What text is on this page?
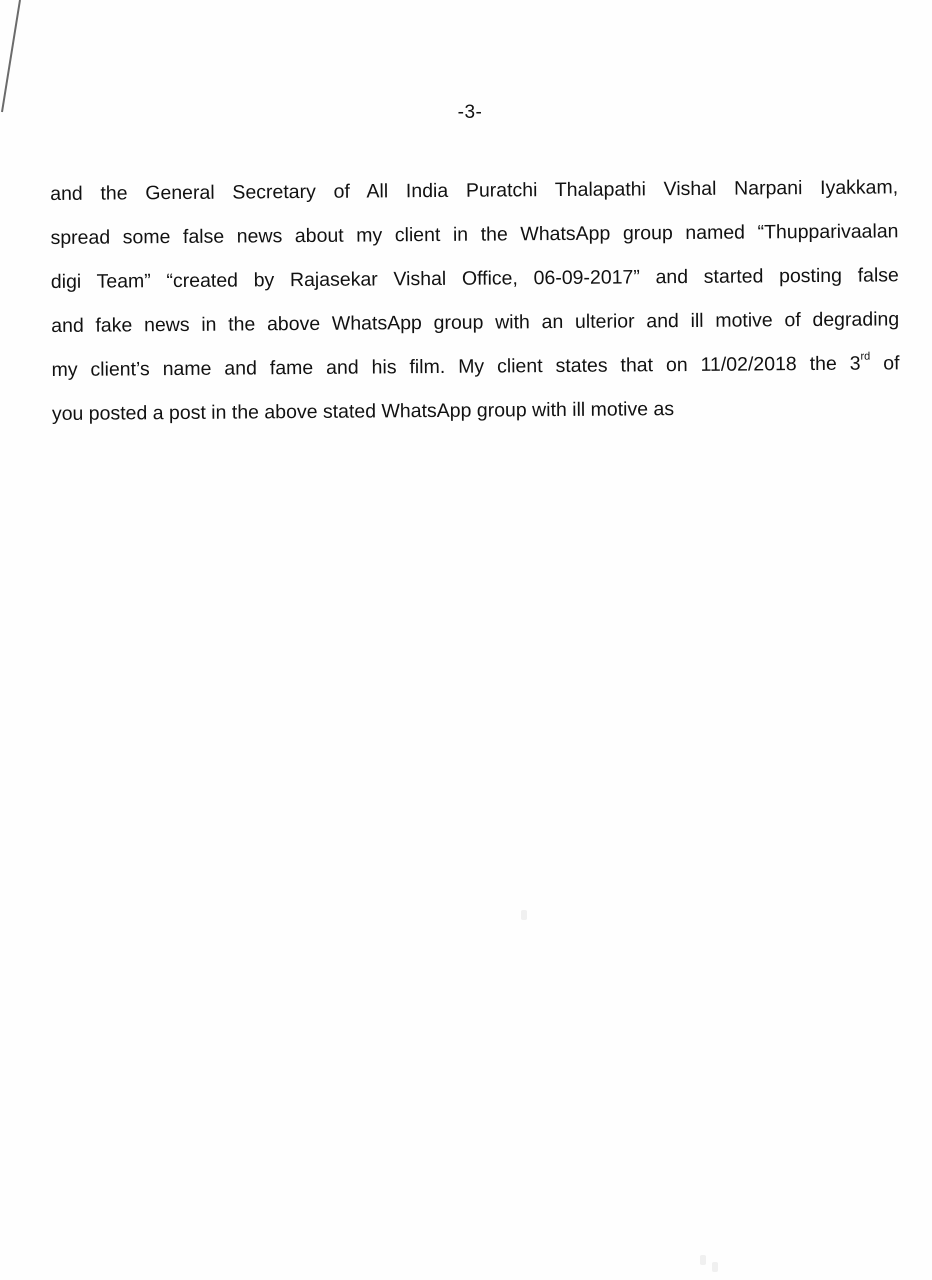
-3-
and the General Secretary of All India Puratchi Thalapathi Vishal Narpani Iyakkam,
spread some false news about my client in the WhatsApp group named “Thupparivaalan
digi Team” “created by Rajasekar Vishal Office, 06-09-2017” and started posting false
and fake news in the above WhatsApp group with an ulterior and ill motive of degrading
my client’s name and fame and his film. My client states that on 11/02/2018 the 3rd of
you posted a post in the above stated WhatsApp group with ill motive as
